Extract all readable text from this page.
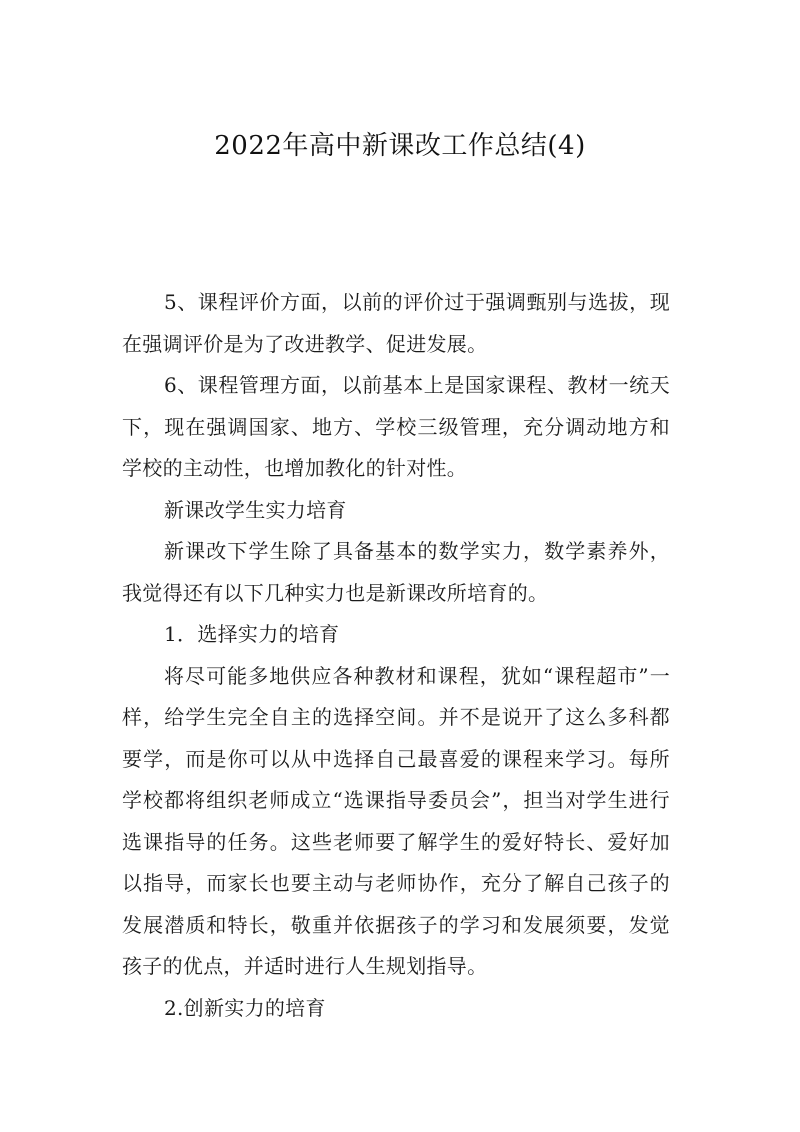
2022年高中新课改工作总结(4)

5、课程评价方面，以前的评价过于强调甄别与选拔，现在强调评价是为了改进教学、促进发展。

6、课程管理方面，以前基本上是国家课程、教材一统天下，现在强调国家、地方、学校三级管理，充分调动地方和学校的主动性，也增加教化的针对性。

新课改学生实力培育

新课改下学生除了具备基本的数学实力，数学素养外，我觉得还有以下几种实力也是新课改所培育的。

1．选择实力的培育

将尽可能多地供应各种教材和课程，犹如“课程超市”一样，给学生完全自主的选择空间。并不是说开了这么多科都要学，而是你可以从中选择自己最喜爱的课程来学习。每所学校都将组织老师成立“选课指导委员会”，担当对学生进行选课指导的任务。这些老师要了解学生的爱好特长、爱好加以指导，而家长也要主动与老师协作，充分了解自己孩子的发展潜质和特长，敬重并依据孩子的学习和发展须要，发觉孩子的优点，并适时进行人生规划指导。

2.创新实力的培育
